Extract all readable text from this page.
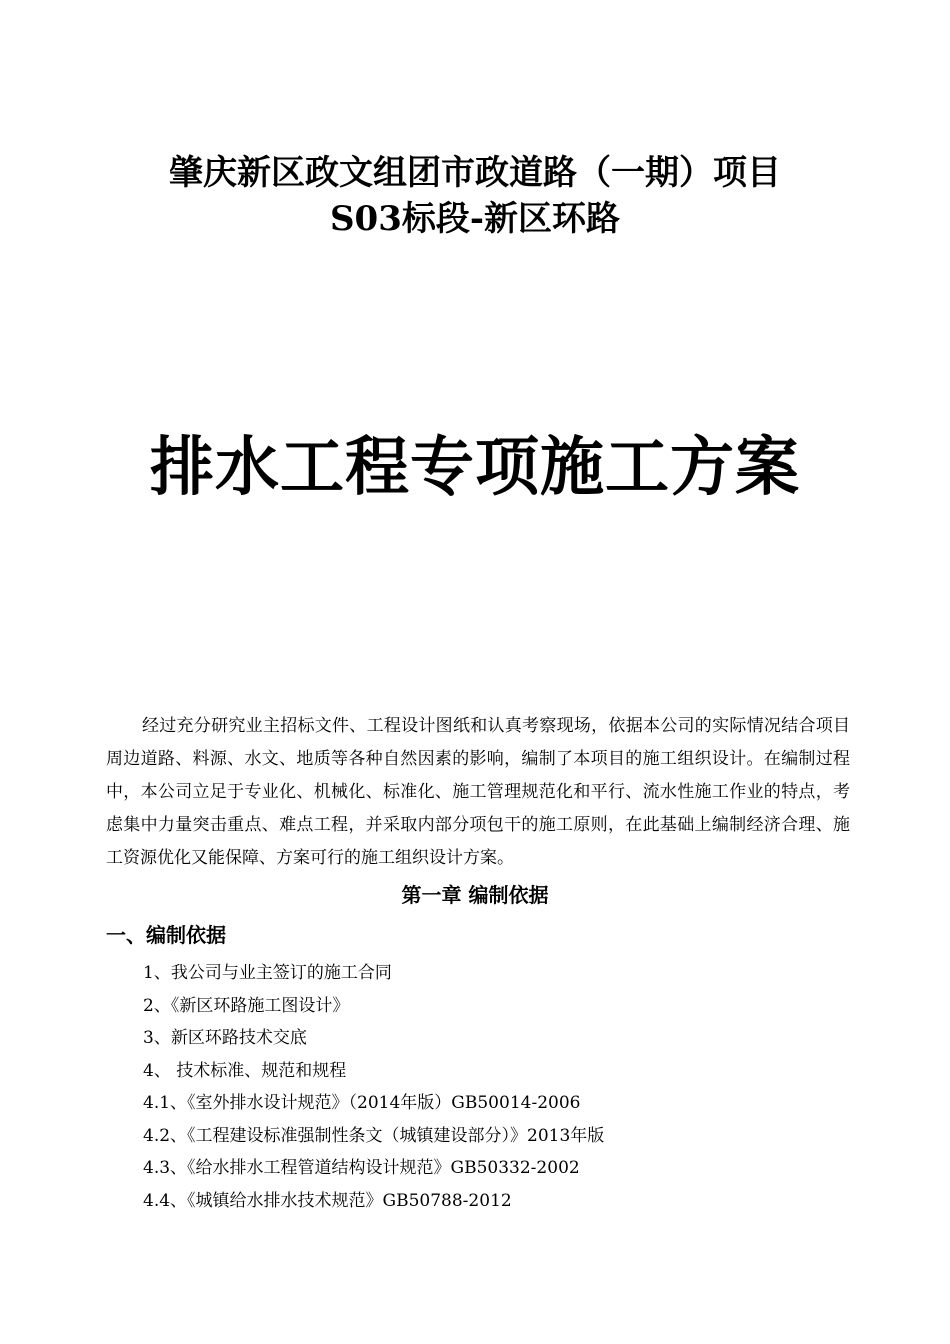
肇庆新区政文组团市政道路（一期）项目
S03标段-新区环路
排水工程专项施工方案

经过充分研究业主招标文件、工程设计图纸和认真考察现场，依据本公司的实际情况结合项目周边道路、料源、水文、地质等各种自然因素的影响，编制了本项目的施工组织设计。在编制过程中，本公司立足于专业化、机械化、标准化、施工管理规范化和平行、流水性施工作业的特点，考虑集中力量突击重点、难点工程，并采取内部分项包干的施工原则，在此基础上编制经济合理、施工资源优化又能保障、方案可行的施工组织设计方案。

第一章 编制依据
一、编制依据
1、我公司与业主签订的施工合同
2、《新区环路施工图设计》
3、新区环路技术交底
4、 技术标准、规范和规程
4.1、《室外排水设计规范》（2014年版）GB50014-2006
4.2、《工程建设标准强制性条文（城镇建设部分）》2013年版
4.3、《给水排水工程管道结构设计规范》GB50332-2002
4.4、《城镇给水排水技术规范》GB50788-2012
